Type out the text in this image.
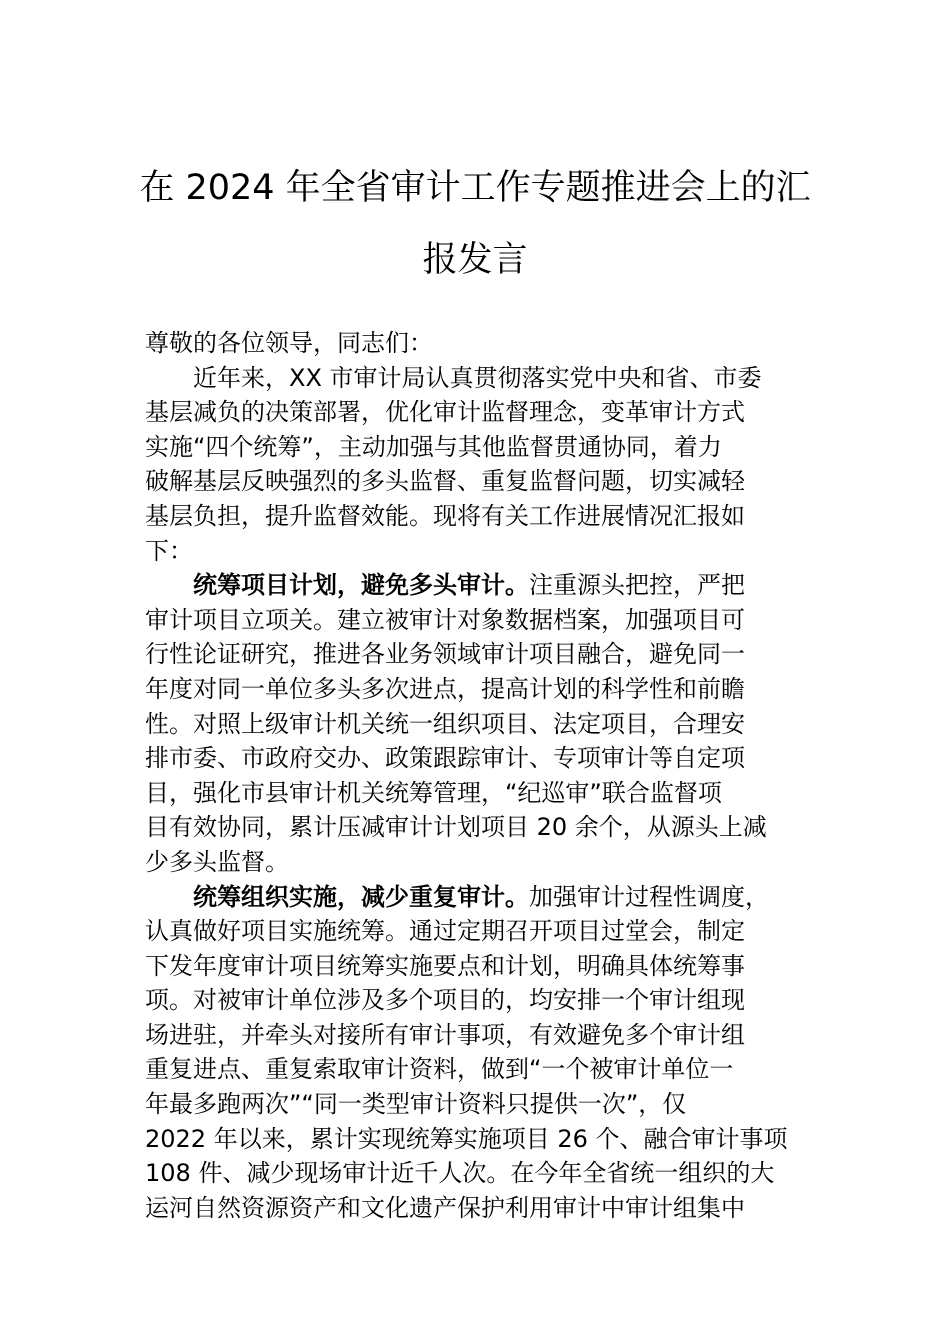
在 2024 年全省审计工作专题推进会上的汇
报发言
尊敬的各位领导，同志们：
近年来，XX 市审计局认真贯彻落实党中央和省、市委
基层减负的决策部署，优化审计监督理念，变革审计方式
实施“四个统筹”，主动加强与其他监督贯通协同，着力
破解基层反映强烈的多头监督、重复监督问题，切实减轻
基层负担，提升监督效能。现将有关工作进展情况汇报如
下：
统筹项目计划，避免多头审计。注重源头把控，严把
审计项目立项关。建立被审计对象数据档案，加强项目可
行性论证研究，推进各业务领域审计项目融合，避免同一
年度对同一单位多头多次进点，提高计划的科学性和前瞻
性。对照上级审计机关统一组织项目、法定项目，合理安
排市委、市政府交办、政策跟踪审计、专项审计等自定项
目，强化市县审计机关统筹管理，“纪巡审”联合监督项
目有效协同，累计压减审计计划项目 20 余个，从源头上减
少多头监督。
统筹组织实施，减少重复审计。加强审计过程性调度，
认真做好项目实施统筹。通过定期召开项目过堂会，制定
下发年度审计项目统筹实施要点和计划，明确具体统筹事
项。对被审计单位涉及多个项目的，均安排一个审计组现
场进驻，并牵头对接所有审计事项，有效避免多个审计组
重复进点、重复索取审计资料，做到“一个被审计单位一
年最多跑两次”“同一类型审计资料只提供一次”，仅
2022 年以来，累计实现统筹实施项目 26 个、融合审计事项
108 件、减少现场审计近千人次。在今年全省统一组织的大
运河自然资源资产和文化遗产保护利用审计中审计组集中
